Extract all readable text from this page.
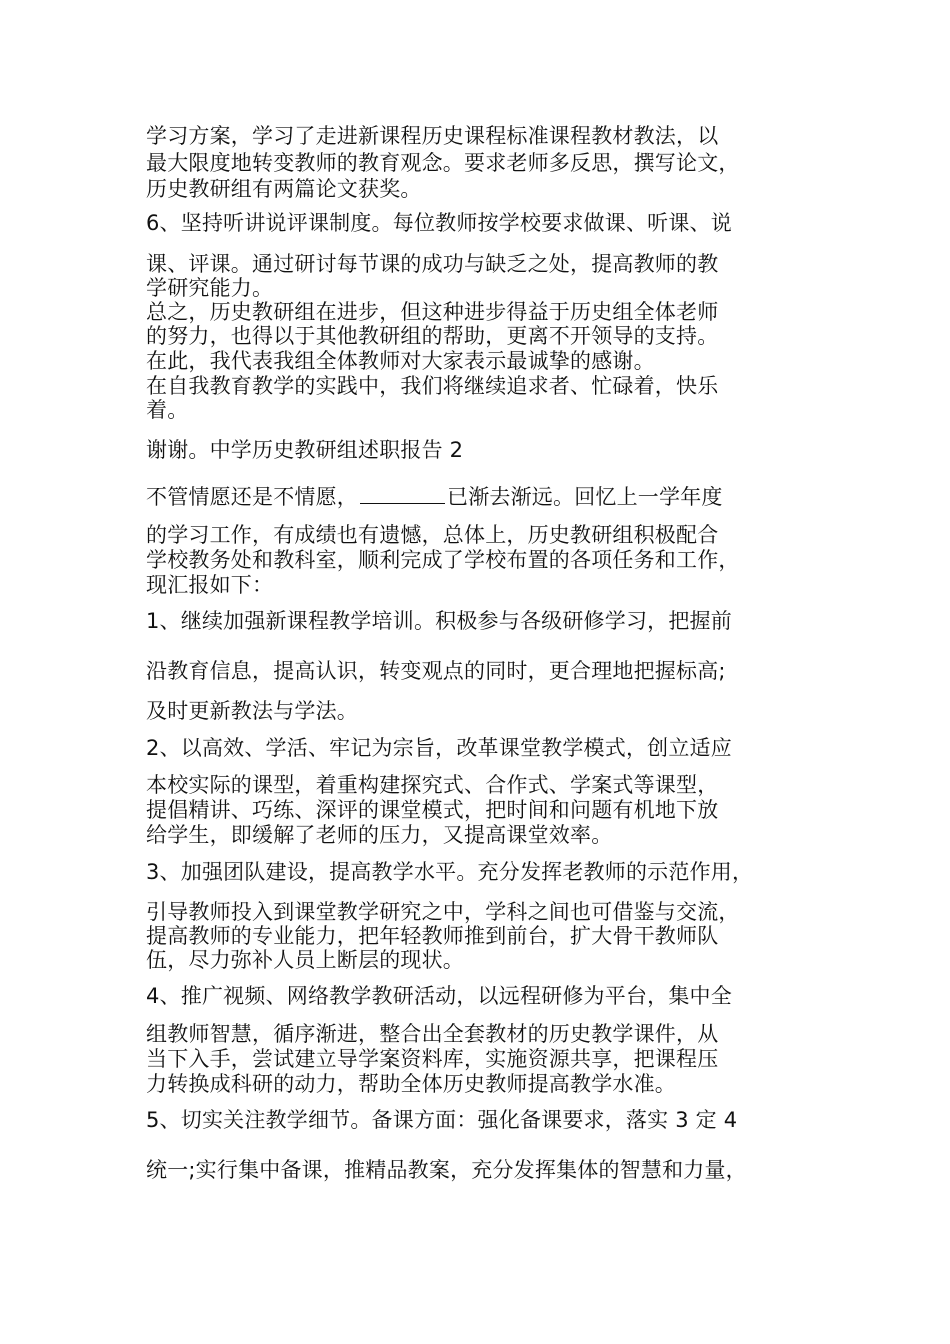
学习方案，学习了走进新课程历史课程标准课程教材教法，以
最大限度地转变教师的教育观念。要求老师多反思，撰写论文，
历史教研组有两篇论文获奖。
6、坚持听讲说评课制度。每位教师按学校要求做课、听课、说
课、评课。通过研讨每节课的成功与缺乏之处，提高教师的教
学研究能力。
总之，历史教研组在进步，但这种进步得益于历史组全体老师
的努力，也得以于其他教研组的帮助，更离不开领导的支持。
在此，我代表我组全体教师对大家表示最诚挚的感谢。
在自我教育教学的实践中，我们将继续追求者、忙碌着，快乐
着。
谢谢。中学历史教研组述职报告 2
不管情愿还是不情愿，	已渐去渐远。回忆上一学年度
的学习工作，有成绩也有遗憾，总体上，历史教研组积极配合
学校教务处和教科室，顺利完成了学校布置的各项任务和工作，
现汇报如下：
1、继续加强新课程教学培训。积极参与各级研修学习，把握前
沿教育信息，提高认识，转变观点的同时，更合理地把握标高;
及时更新教法与学法。
2、以高效、学活、牢记为宗旨，改革课堂教学模式，创立适应
本校实际的课型，着重构建探究式、合作式、学案式等课型，
提倡精讲、巧练、深评的课堂模式，把时间和问题有机地下放
给学生，即缓解了老师的压力，又提高课堂效率。
3、加强团队建设，提高教学水平。充分发挥老教师的示范作用，
引导教师投入到课堂教学研究之中，学科之间也可借鉴与交流，
提高教师的专业能力，把年轻教师推到前台，扩大骨干教师队
伍，尽力弥补人员上断层的现状。
4、推广视频、网络教学教研活动，以远程研修为平台，集中全
组教师智慧，循序渐进，整合出全套教材的历史教学课件，从
当下入手，尝试建立导学案资料库，实施资源共享，把课程压
力转换成科研的动力，帮助全体历史教师提高教学水准。
5、切实关注教学细节。备课方面：强化备课要求，落实 3 定 4
统一;实行集中备课，推精品教案，充分发挥集体的智慧和力量，
